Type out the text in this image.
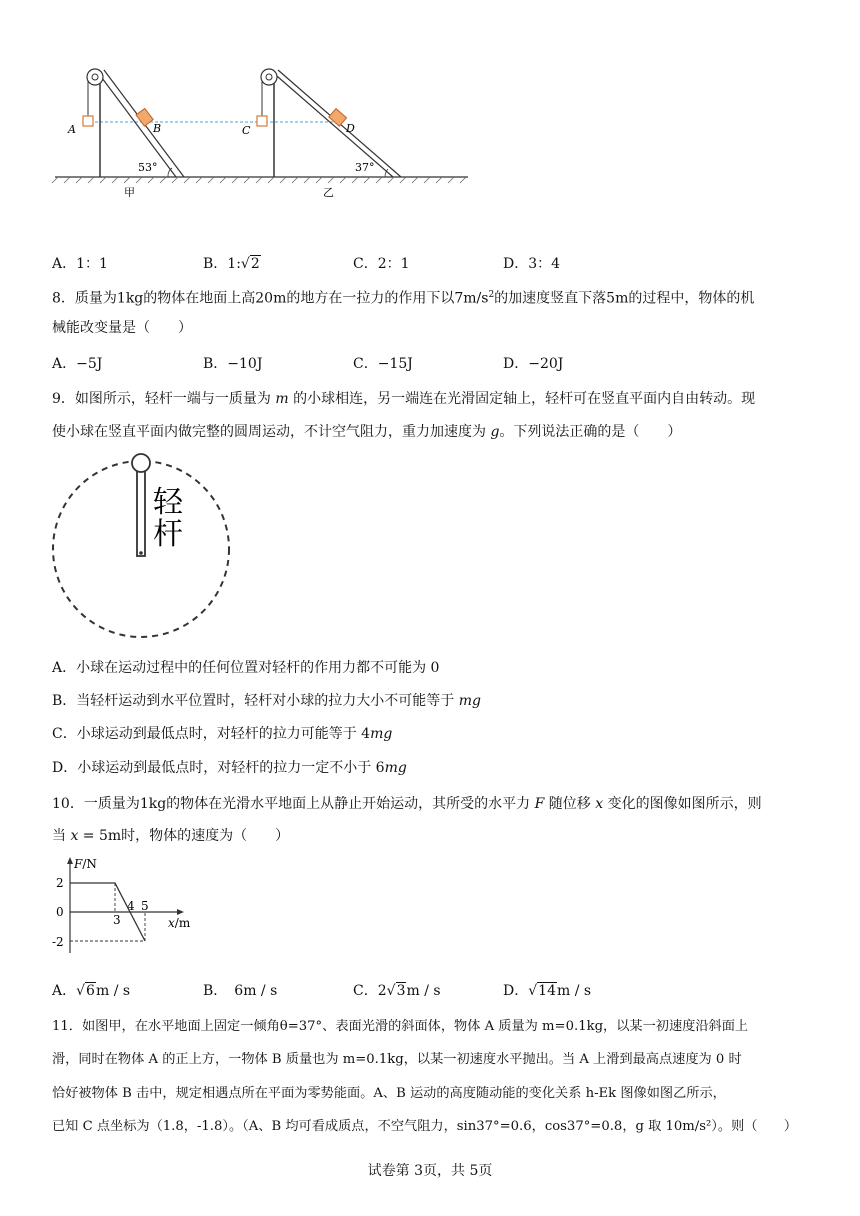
A	B
53°
甲
C	D
37°
乙
A．1：1	B．1:√2	C．2：1	D．3：4
8．质量为1kg的物体在地面上高20m的地方在一拉力的作用下以$7m/s^2$的加速度竖直下落5m的过程中，物体的机
械能改变量是（　　）
A．−5J	B．−10J	C．−15J	D．−20J
9．如图所示，轻杆一端与一质量为 m 的小球相连，另一端连在光滑固定轴上，轻杆可在竖直平面内自由转动。现
使小球在竖直平面内做完整的圆周运动，不计空气阻力，重力加速度为 g。下列说法正确的是（　　）
轻
杆
A．小球在运动过程中的任何位置对轻杆的作用力都不可能为 0
B．当轻杆运动到水平位置时，轻杆对小球的拉力大小不可能等于 mg
C．小球运动到最低点时，对轻杆的拉力可能等于 4mg
D．小球运动到最低点时，对轻杆的拉力一定不小于 6mg
10．一质量为1kg的物体在光滑水平地面上从静止开始运动，其所受的水平力 F 随位移 x 变化的图像如图所示，则
当 x = 5m时，物体的速度为（　　）
F/N
x/m
2
0
-2
3
4 5
A．√6m / s	B．　6m / s	C．2√3m / s	D．√14m / s
11．如图甲，在水平地面上固定一倾角θ=37°、表面光滑的斜面体，物体 A 质量为 m=0.1kg，以某一初速度沿斜面上
滑，同时在物体 A 的正上方，一物体 B 质量也为 m=0.1kg，以某一初速度水平抛出。当 A 上滑到最高点速度为 0 时
恰好被物体 B 击中，规定相遇点所在平面为零势能面。A、B 运动的高度随动能的变化关系 h-Ek 图像如图乙所示，
已知 C 点坐标为（1.8，-1.8）。（A、B 均可看成质点，不空气阻力，sin37°=0.6，cos37°=0.8，g 取 10m/s²）。则（　　）
试卷第 3页，共 5页
